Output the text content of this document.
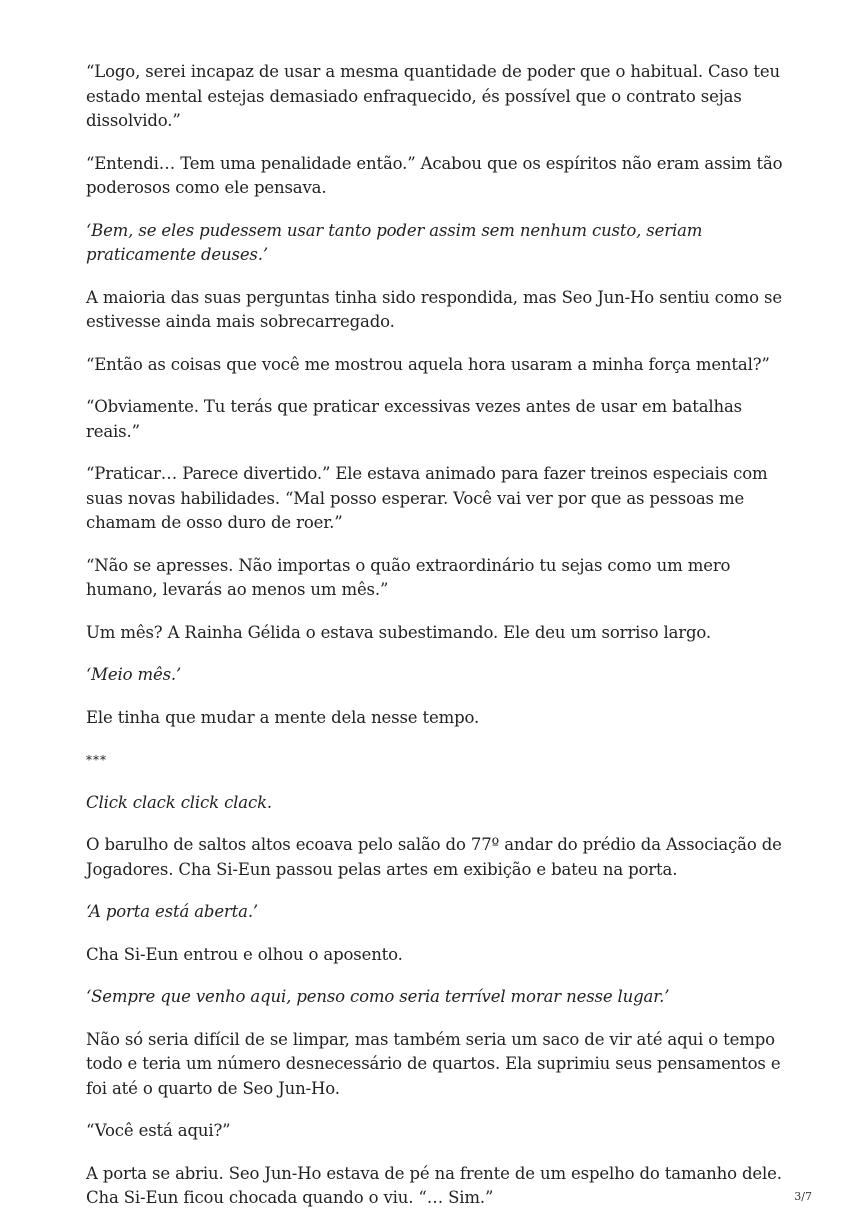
“Logo, serei incapaz de usar a mesma quantidade de poder que o habitual. Caso teu estado mental estejas demasiado enfraquecido, és possível que o contrato sejas dissolvido.”

“Entendi… Tem uma penalidade então.” Acabou que os espíritos não eram assim tão poderosos como ele pensava.

‘Bem, se eles pudessem usar tanto poder assim sem nenhum custo, seriam praticamente deuses.’

A maioria das suas perguntas tinha sido respondida, mas Seo Jun-Ho sentiu como se estivesse ainda mais sobrecarregado.

“Então as coisas que você me mostrou aquela hora usaram a minha força mental?”

“Obviamente. Tu terás que praticar excessivas vezes antes de usar em batalhas reais.”

“Praticar… Parece divertido.” Ele estava animado para fazer treinos especiais com suas novas habilidades. “Mal posso esperar. Você vai ver por que as pessoas me chamam de osso duro de roer.”

“Não se apresses. Não importas o quão extraordinário tu sejas como um mero humano, levarás ao menos um mês.”

Um mês? A Rainha Gélida o estava subestimando. Ele deu um sorriso largo.

‘Meio mês.’

Ele tinha que mudar a mente dela nesse tempo.

***

Click clack click clack.

O barulho de saltos altos ecoava pelo salão do 77º andar do prédio da Associação de Jogadores. Cha Si-Eun passou pelas artes em exibição e bateu na porta.

‘A porta está aberta.’

Cha Si-Eun entrou e olhou o aposento.

‘Sempre que venho aqui, penso como seria terrível morar nesse lugar.’

Não só seria difícil de se limpar, mas também seria um saco de vir até aqui o tempo todo e teria um número desnecessário de quartos. Ela suprimiu seus pensamentos e foi até o quarto de Seo Jun-Ho.

“Você está aqui?”

A porta se abriu. Seo Jun-Ho estava de pé na frente de um espelho do tamanho dele. Cha Si-Eun ficou chocada quando o viu. “… Sim.”	3/7
